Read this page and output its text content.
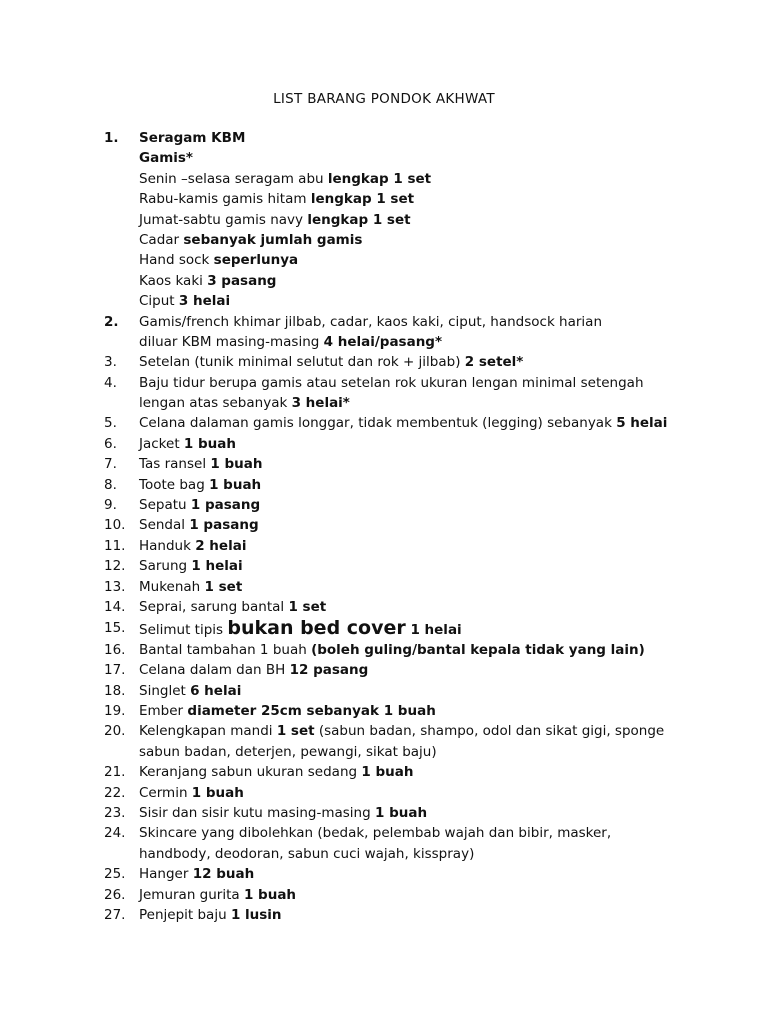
LIST BARANG PONDOK AKHWAT
1.	Seragam KBM
Gamis*
Senin –selasa seragam abu lengkap 1 set
Rabu-kamis gamis hitam lengkap 1 set
Jumat-sabtu gamis navy lengkap 1 set
Cadar sebanyak jumlah gamis
Hand sock seperlunya
Kaos kaki 3 pasang
Ciput 3 helai
2.	Gamis/french khimar jilbab, cadar, kaos kaki, ciput, handsock harian
diluar KBM masing-masing 4 helai/pasang*
3.	Setelan (tunik minimal selutut dan rok + jilbab) 2 setel*
4.	Baju tidur berupa gamis atau setelan rok ukuran lengan minimal setengah
lengan atas sebanyak 3 helai*
5.	Celana dalaman gamis longgar, tidak membentuk (legging) sebanyak 5 helai
6.	Jacket 1 buah
7.	Tas ransel 1 buah
8.	Toote bag 1 buah
9.	Sepatu 1 pasang
10.	Sendal 1 pasang
11.	Handuk 2 helai
12.	Sarung 1 helai
13.	Mukenah 1 set
14.	Seprai, sarung bantal 1 set
15.	Selimut tipis bukan bed cover 1 helai
16.	Bantal tambahan 1 buah (boleh guling/bantal kepala tidak yang lain)
17.	Celana dalam dan BH 12 pasang
18.	Singlet 6 helai
19.	Ember diameter 25cm sebanyak 1 buah
20.	Kelengkapan mandi 1 set (sabun badan, shampo, odol dan sikat gigi, sponge
sabun badan, deterjen, pewangi, sikat baju)
21.	Keranjang sabun ukuran sedang 1 buah
22.	Cermin 1 buah
23.	Sisir dan sisir kutu masing-masing 1 buah
24.	Skincare yang dibolehkan (bedak, pelembab wajah dan bibir, masker,
handbody, deodoran, sabun cuci wajah, kisspray)
25.	Hanger 12 buah
26.	Jemuran gurita 1 buah
27.	Penjepit baju 1 lusin
